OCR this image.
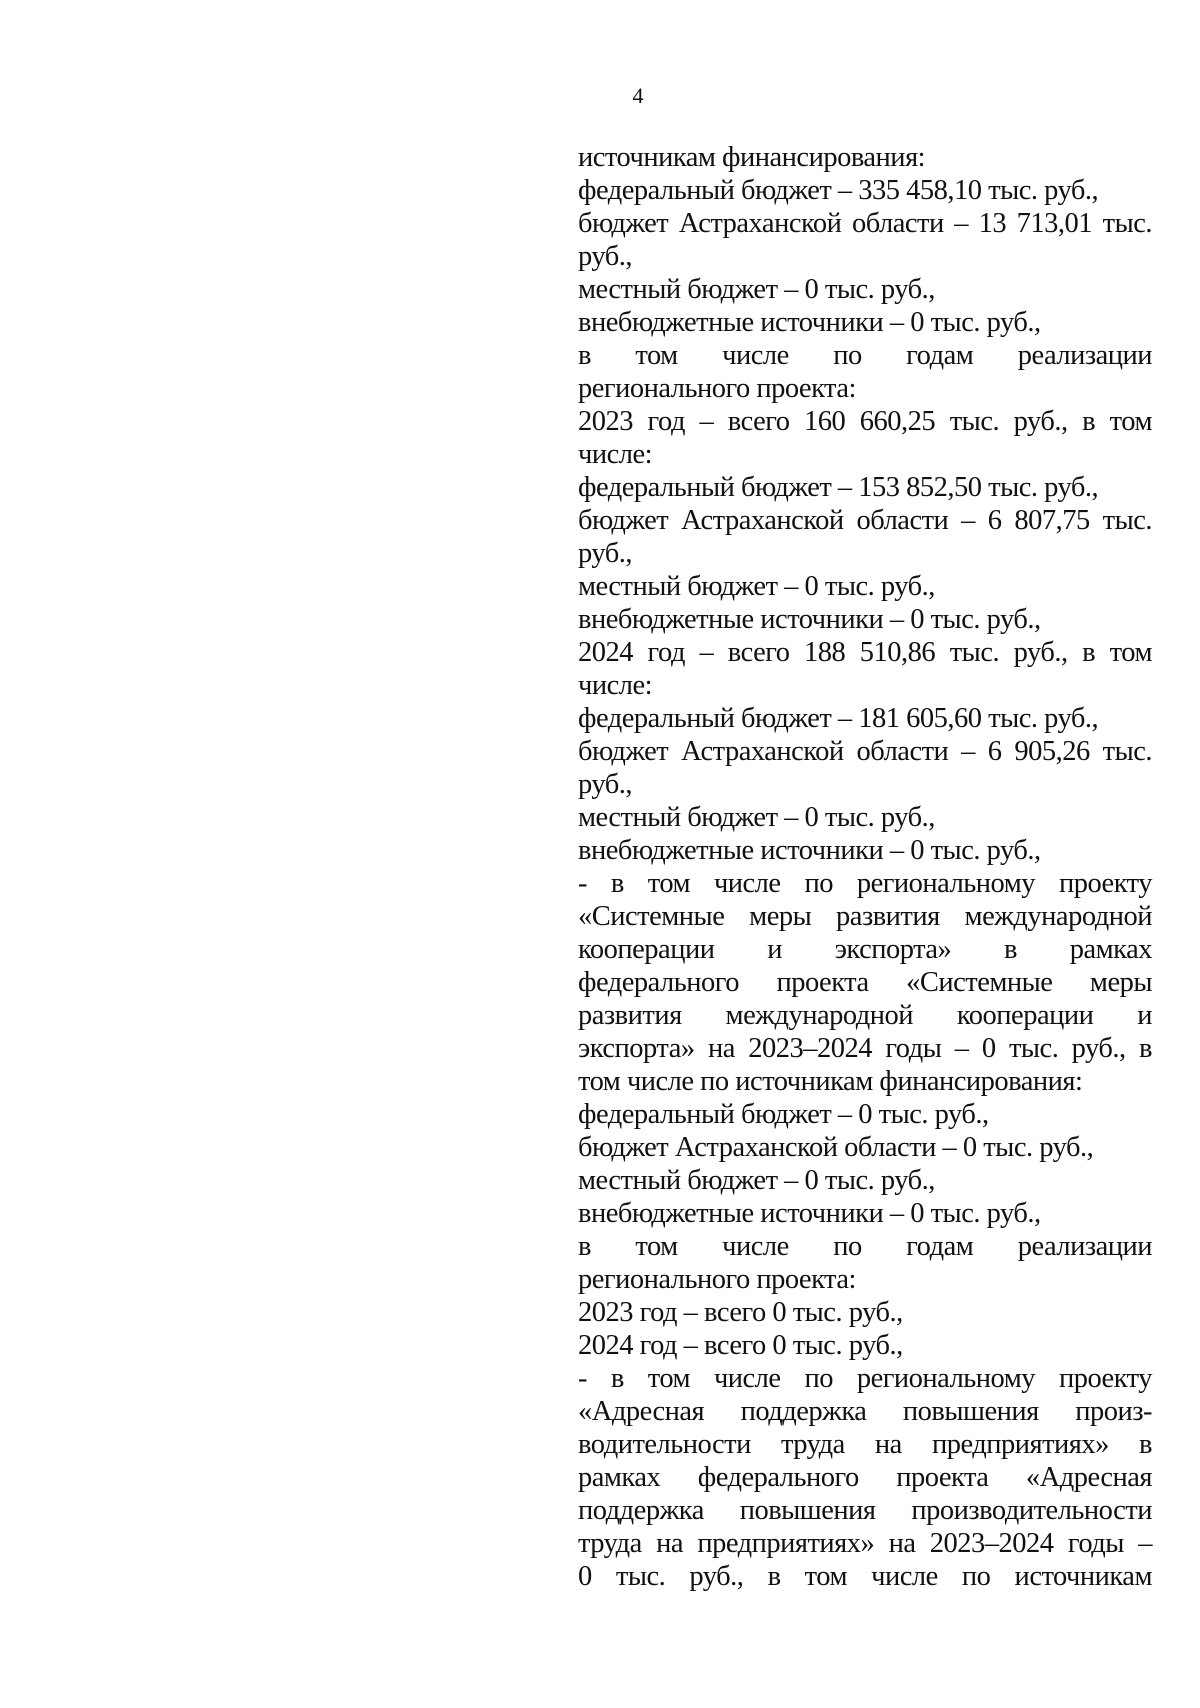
4
источникам финансирования:
федеральный бюджет – 335 458,10 тыс. руб.,
бюджет Астраханской области – 13 713,01 тыс.
руб.,
местный бюджет – 0 тыс. руб.,
внебюджетные источники – 0 тыс. руб.,
в том числе по годам реализации
регионального проекта:
2023 год – всего 160 660,25 тыс. руб., в том
числе:
федеральный бюджет – 153 852,50 тыс. руб.,
бюджет Астраханской области – 6 807,75 тыс.
руб.,
местный бюджет – 0 тыс. руб.,
внебюджетные источники – 0 тыс. руб.,
2024 год – всего 188 510,86 тыс. руб., в том
числе:
федеральный бюджет – 181 605,60 тыс. руб.,
бюджет Астраханской области – 6 905,26 тыс.
руб.,
местный бюджет – 0 тыс. руб.,
внебюджетные источники – 0 тыс. руб.,
- в том числе по региональному проекту
«Системные меры развития международной
кооперации и экспорта» в рамках
федерального проекта «Системные меры
развития международной кооперации и
экспорта» на 2023–2024 годы – 0 тыс. руб., в
том числе по источникам финансирования:
федеральный бюджет – 0 тыс. руб.,
бюджет Астраханской области – 0 тыс. руб.,
местный бюджет – 0 тыс. руб.,
внебюджетные источники – 0 тыс. руб.,
в том числе по годам реализации
регионального проекта:
2023 год – всего 0 тыс. руб.,
2024 год – всего 0 тыс. руб.,
- в том числе по региональному проекту
«Адресная поддержка повышения произ-
водительности труда на предприятиях» в
рамках федерального проекта «Адресная
поддержка повышения производительности
труда на предприятиях» на 2023–2024 годы –
0 тыс. руб., в том числе по источникам
